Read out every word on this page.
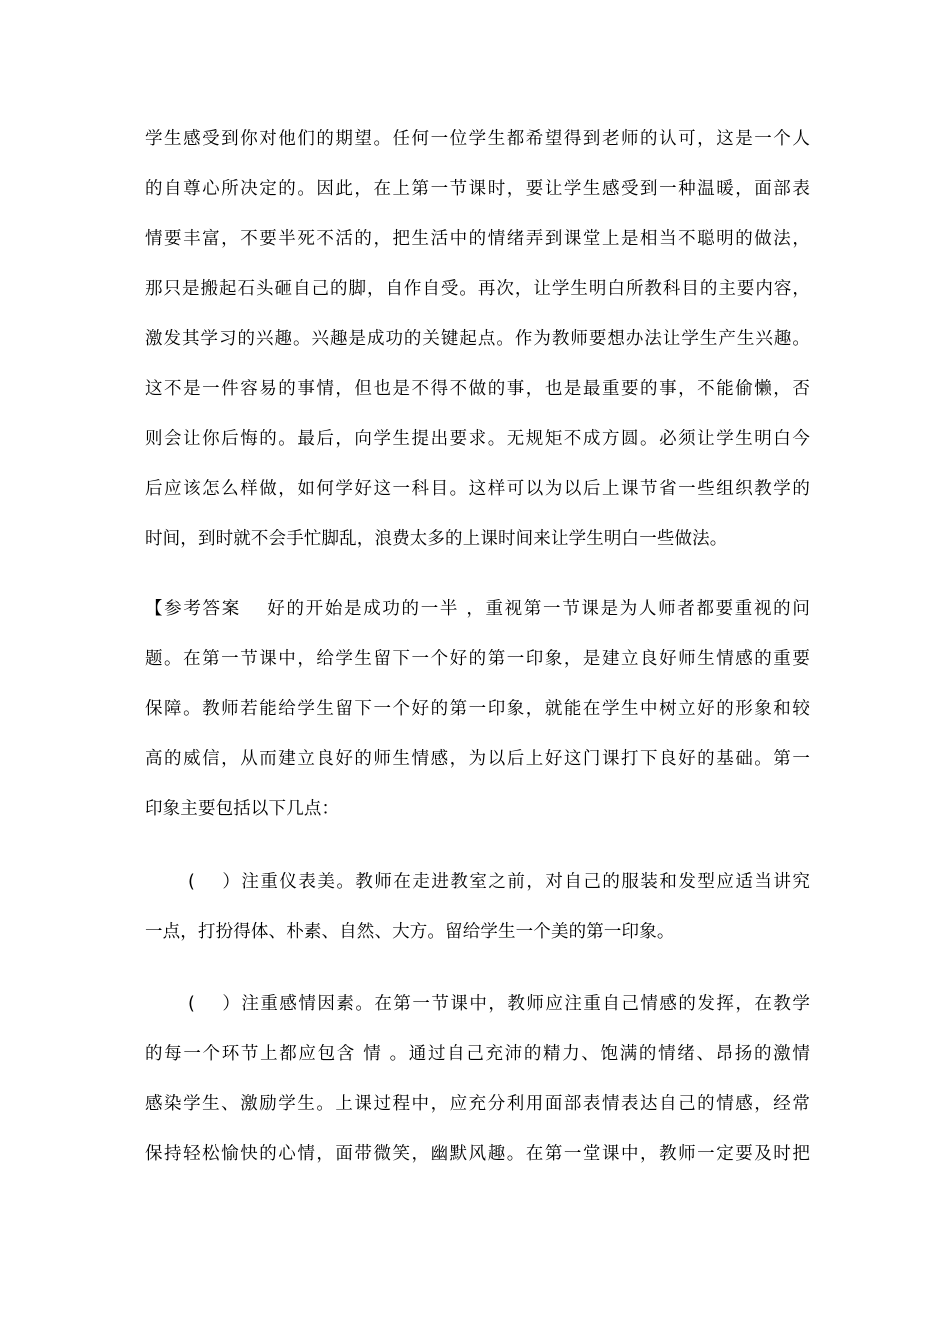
学生感受到你对他们的期望。任何一位学生都希望得到老师的认可，这是一个人
的自尊心所决定的。因此，在上第一节课时，要让学生感受到一种温暖，面部表
情要丰富，不要半死不活的，把生活中的情绪弄到课堂上是相当不聪明的做法，
那只是搬起石头砸自己的脚，自作自受。再次，让学生明白所教科目的主要内容，
激发其学习的兴趣。兴趣是成功的关键起点。作为教师要想办法让学生产生兴趣。
这不是一件容易的事情，但也是不得不做的事，也是最重要的事，不能偷懒，否
则会让你后悔的。最后，向学生提出要求。无规矩不成方圆。必须让学生明白今
后应该怎么样做，如何学好这一科目。这样可以为以后上课节省一些组织教学的
时间，到时就不会手忙脚乱，浪费太多的上课时间来让学生明白一些做法。
【参考答案　 好的开始是成功的一半 ，重视第一节课是为人师者都要重视的问
题。在第一节课中，给学生留下一个好的第一印象，是建立良好师生情感的重要
保障。教师若能给学生留下一个好的第一印象，就能在学生中树立好的形象和较
高的威信，从而建立良好的师生情感，为以后上好这门课打下良好的基础。第一
印象主要包括以下几点：
(　 ）注重仪表美。教师在走进教室之前，对自己的服装和发型应适当讲究
一点，打扮得体、朴素、自然、大方。留给学生一个美的第一印象。
(　 ）注重感情因素。在第一节课中，教师应注重自己情感的发挥，在教学
的每一个环节上都应包含 情 。通过自己充沛的精力、饱满的情绪、昂扬的激情
感染学生、激励学生。上课过程中，应充分利用面部表情表达自己的情感，经常
保持轻松愉快的心情，面带微笑，幽默风趣。在第一堂课中，教师一定要及时把
